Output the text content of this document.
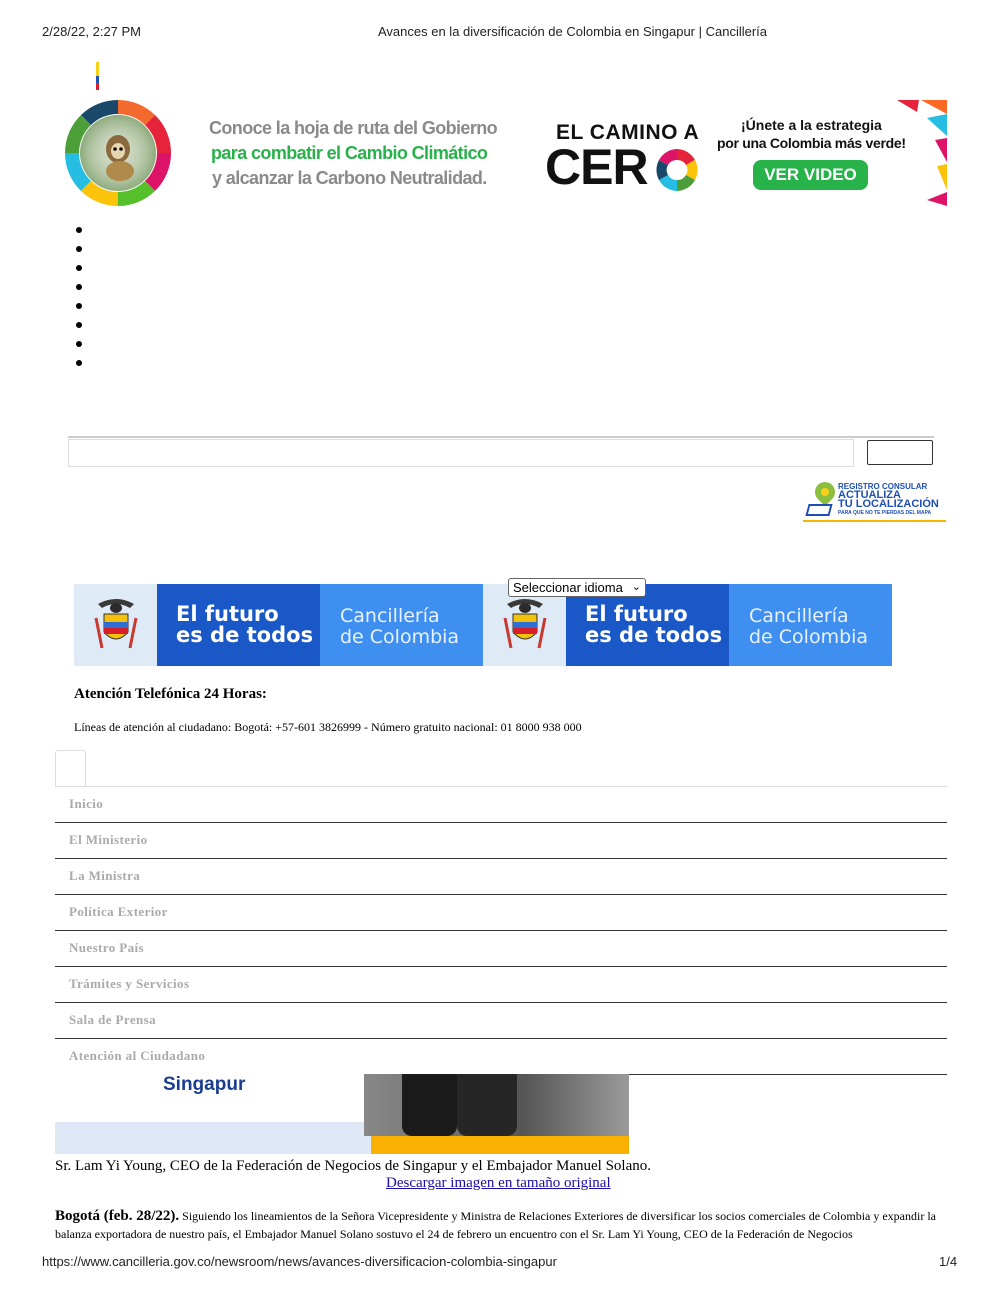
2/28/22, 2:27 PM	Avances en la diversificación de Colombia en Singapur | Cancillería
Conoce la hoja de ruta del Gobierno
para combatir el Cambio Climático
y alcanzar la Carbono Neutralidad.
EL CAMINO A
CER
¡Únete a la estrategia
por una Colombia más verde!
VER VIDEO
REGISTRO CONSULAR
ACTUALIZA
TU LOCALIZACIÓN
PARA QUE NO TE PIERDAS DEL MAPA
Seleccionar idioma ⌄
El futuro
es de todos
Cancillería
de Colombia
El futuro
es de todos
Cancillería
de Colombia
Atención Telefónica 24 Horas:
Líneas de atención al ciudadano: Bogotá: +57-601 3826999 - Número gratuito nacional: 01 8000 938 000
Inicio
El Ministerio
La Ministra
Política Exterior
Nuestro País
Trámites y Servicios
Sala de Prensa
Atención al Ciudadano
Singapur
Sr. Lam Yi Young, CEO de la Federación de Negocios de Singapur y el Embajador Manuel Solano.
Descargar imagen en tamaño original
Bogotá (feb. 28/22). Siguiendo los lineamientos de la Señora Vicepresidente y Ministra de Relaciones Exteriores de diversificar los socios comerciales de Colombia y expandir la balanza exportadora de nuestro país, el Embajador Manuel Solano sostuvo el 24 de febrero un encuentro con el Sr. Lam Yi Young, CEO de la Federación de Negocios
https://www.cancilleria.gov.co/newsroom/news/avances-diversificacion-colombia-singapur	1/4
